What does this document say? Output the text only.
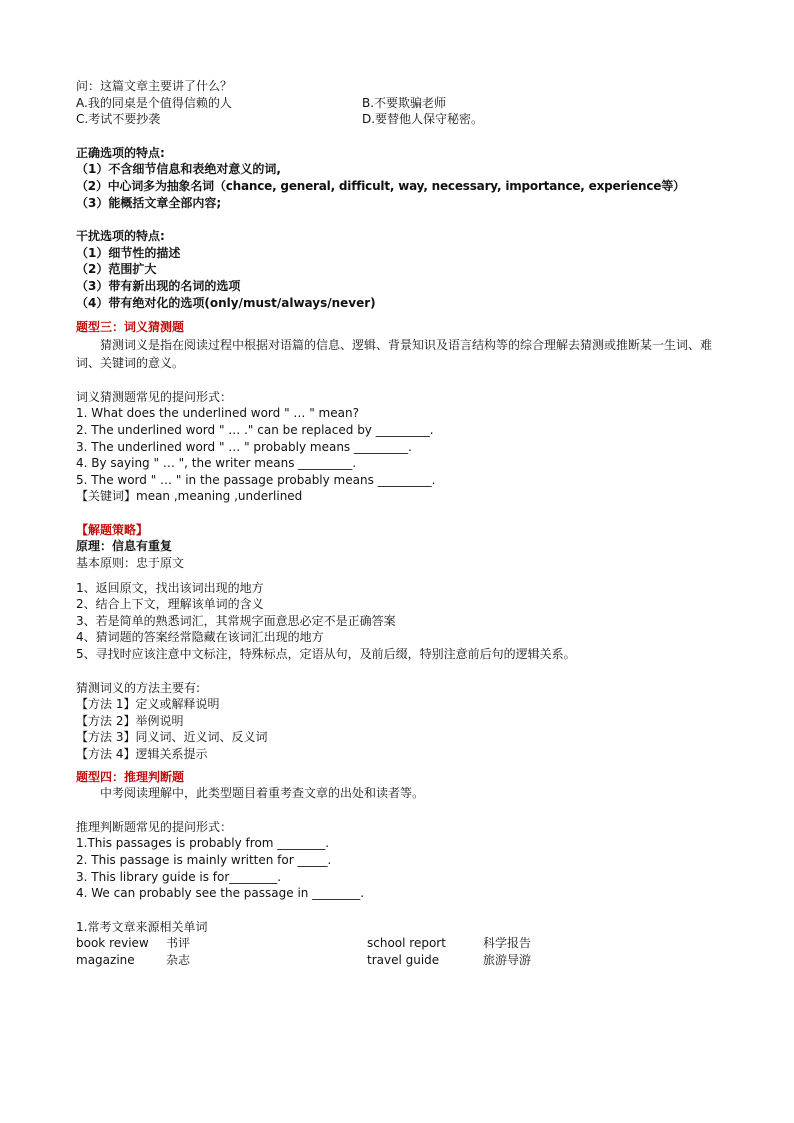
问：这篇文章主要讲了什么？
A.我的同桌是个值得信赖的人	B.不要欺骗老师
C.考试不要抄袭	D.要替他人保守秘密。
正确选项的特点:
（1）不含细节信息和表绝对意义的词,
（2）中心词多为抽象名词（chance, general, difficult, way, necessary, importance, experience等）
（3）能概括文章全部内容;
干扰选项的特点:
（1）细节性的描述
（2）范围扩大
（3）带有新出现的名词的选项
（4）带有绝对化的选项(only/must/always/never)
题型三：词义猜测题
猜测词义是指在阅读过程中根据对语篇的信息、逻辑、背景知识及语言结构等的综合理解去猜测或推断某一生词、难词、关键词的意义。
词义猜测题常见的提问形式：
1. What does the underlined word " … " mean?
2. The underlined word " … ." can be replaced by _________.
3. The underlined word " … " probably means _________.
4. By saying " … ", the writer means _________.
5. The word " … " in the passage probably means _________.
【关键词】mean ,meaning ,underlined
【解题策略】
原理：信息有重复
基本原则：忠于原文
1、返回原文，找出该词出现的地方
2、结合上下文，理解该单词的含义
3、若是简单的熟悉词汇，其常规字面意思必定不是正确答案
4、猜词题的答案经常隐藏在该词汇出现的地方
5、寻找时应该注意中文标注，特殊标点，定语从句，及前后缀，特别注意前后句的逻辑关系。
猜测词义的方法主要有:
【方法 1】定义或解释说明
【方法 2】举例说明
【方法 3】同义词、近义词、反义词
【方法 4】逻辑关系提示
题型四：推理判断题
中考阅读理解中，此类型题目着重考查文章的出处和读者等。
推理判断题常见的提问形式：
1.This passages is probably from ________.
2. This passage is mainly written for _____.
3. This library guide is for________.
4. We can probably see the passage in ________.
1.常考文章来源相关单词
book review 书评	school report	科学报告
magazine	杂志	travel guide	旅游导游
